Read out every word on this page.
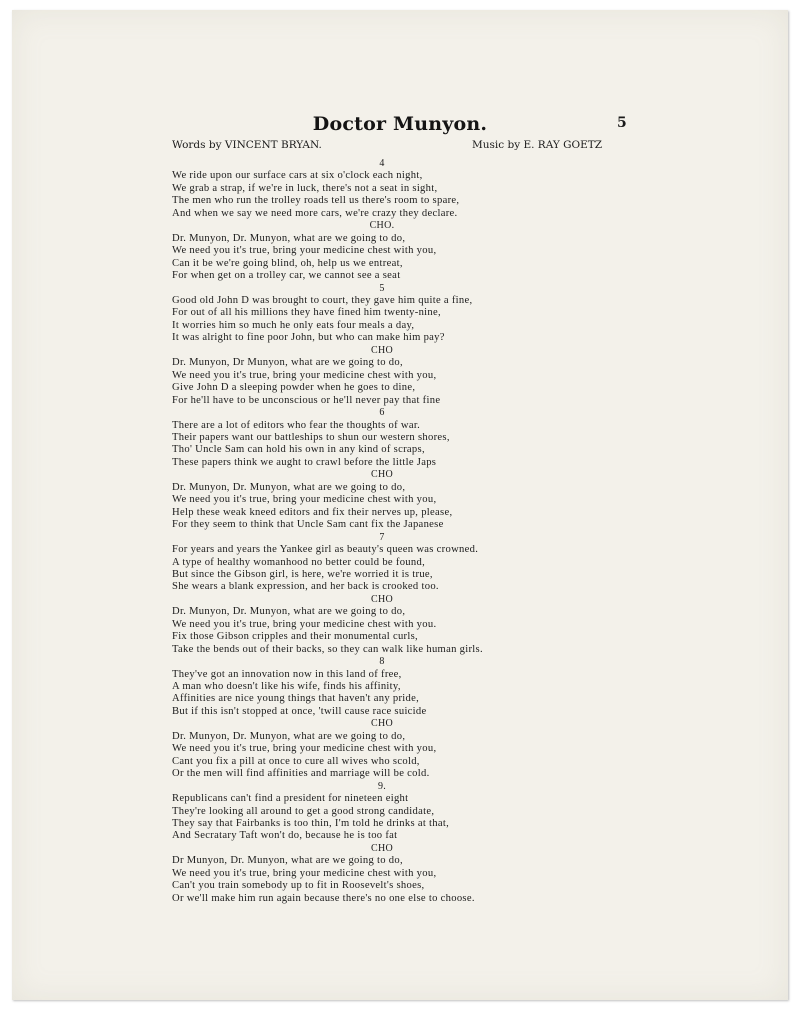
Doctor Munyon.	5
Words by VINCENT BRYAN.	Music by E. RAY GOETZ
4
We ride upon our surface cars at six o'clock each night,
We grab a strap, if we're in luck, there's not a seat in sight,
The men who run the trolley roads tell us there's room to spare,
And when we say we need more cars, we're crazy they declare.
CHO.
Dr. Munyon, Dr. Munyon, what are we going to do,
We need you it's true, bring your medicine chest with you,
Can it be we're going blind, oh, help us we entreat,
For when get on a trolley car, we cannot see a seat
5
Good old John D was brought to court, they gave him quite a fine,
For out of all his millions they have fined him twenty-nine,
It worries him so much he only eats four meals a day,
It was alright to fine poor John, but who can make him pay?
CHO
Dr. Munyon, Dr Munyon, what are we going to do,
We need you it's true, bring your medicine chest with you,
Give John D a sleeping powder when he goes to dine,
For he'll have to be unconscious or he'll never pay that fine
6
There are a lot of editors who fear the thoughts of war.
Their papers want our battleships to shun our western shores,
Tho' Uncle Sam can hold his own in any kind of scraps,
These papers think we aught to crawl before the little Japs
CHO
Dr. Munyon, Dr. Munyon, what are we going to do,
We need you it's true, bring your medicine chest with you,
Help these weak kneed editors and fix their nerves up, please,
For they seem to think that Uncle Sam cant fix the Japanese
7
For years and years the Yankee girl as beauty's queen was crowned.
A type of healthy womanhood no better could be found,
But since the Gibson girl, is here, we're worried it is true,
She wears a blank expression, and her back is crooked too.
CHO
Dr. Munyon, Dr. Munyon, what are we going to do,
We need you it's true, bring your medicine chest with you.
Fix those Gibson cripples and their monumental curls,
Take the bends out of their backs, so they can walk like human girls.
8
They've got an innovation now in this land of free,
A man who doesn't like his wife, finds his affinity,
Affinities are nice young things that haven't any pride,
But if this isn't stopped at once, 'twill cause race suicide
CHO
Dr. Munyon, Dr. Munyon, what are we going to do,
We need you it's true, bring your medicine chest with you,
Cant you fix a pill at once to cure all wives who scold,
Or the men will find affinities and marriage will be cold.
9.
Republicans can't find a president for nineteen eight
They're looking all around to get a good strong candidate,
They say that Fairbanks is too thin, I'm told he drinks at that,
And Secratary Taft won't do, because he is too fat
CHO
Dr Munyon, Dr. Munyon, what are we going to do,
We need you it's true, bring your medicine chest with you,
Can't you train somebody up to fit in Roosevelt's shoes,
Or we'll make him run again because there's no one else to choose.
